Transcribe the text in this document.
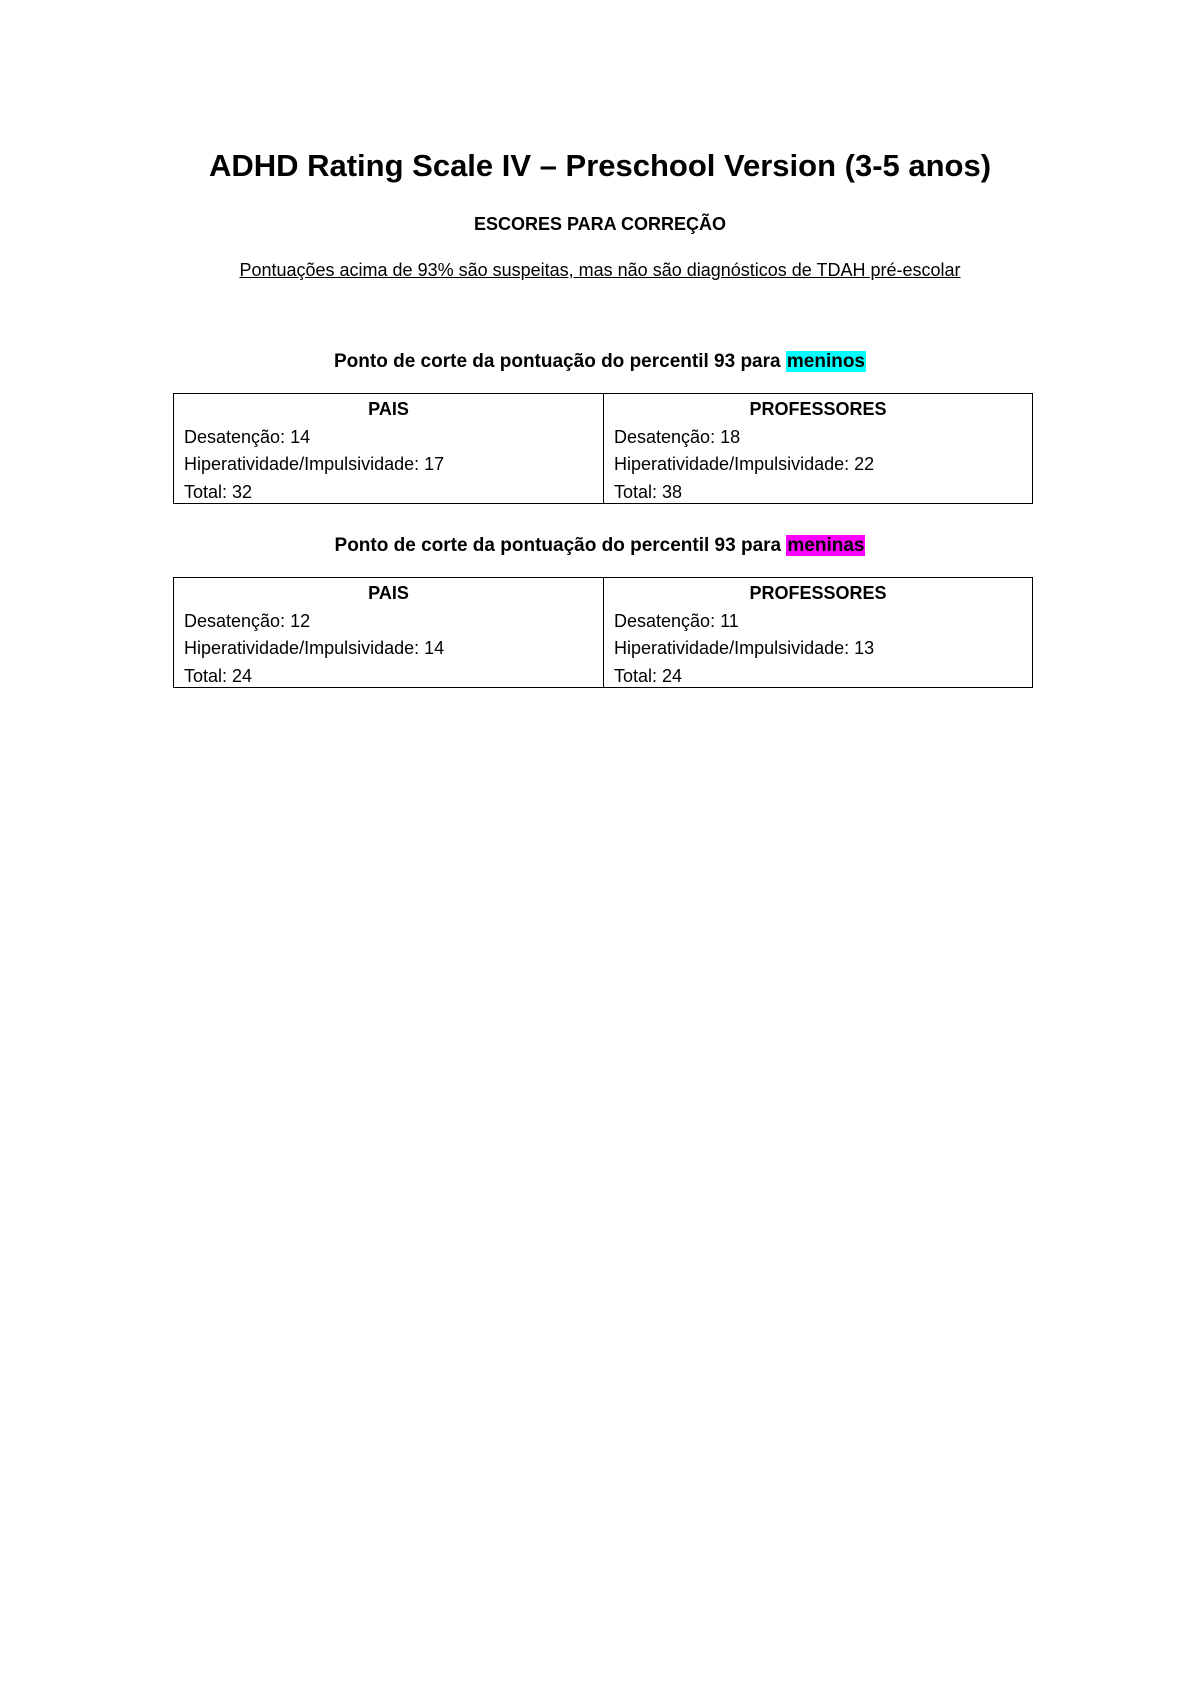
ADHD Rating Scale IV – Preschool Version (3-5 anos)
ESCORES PARA CORREÇÃO
Pontuações acima de 93% são suspeitas, mas não são diagnósticos de TDAH pré-escolar
Ponto de corte da pontuação do percentil 93 para meninos
PAIS
Desatenção: 14
Hiperatividade/Impulsividade: 17
Total: 32
PROFESSORES
Desatenção: 18
Hiperatividade/Impulsividade: 22
Total: 38
Ponto de corte da pontuação do percentil 93 para meninas
PAIS
Desatenção: 12
Hiperatividade/Impulsividade: 14
Total: 24
PROFESSORES
Desatenção: 11
Hiperatividade/Impulsividade: 13
Total: 24
